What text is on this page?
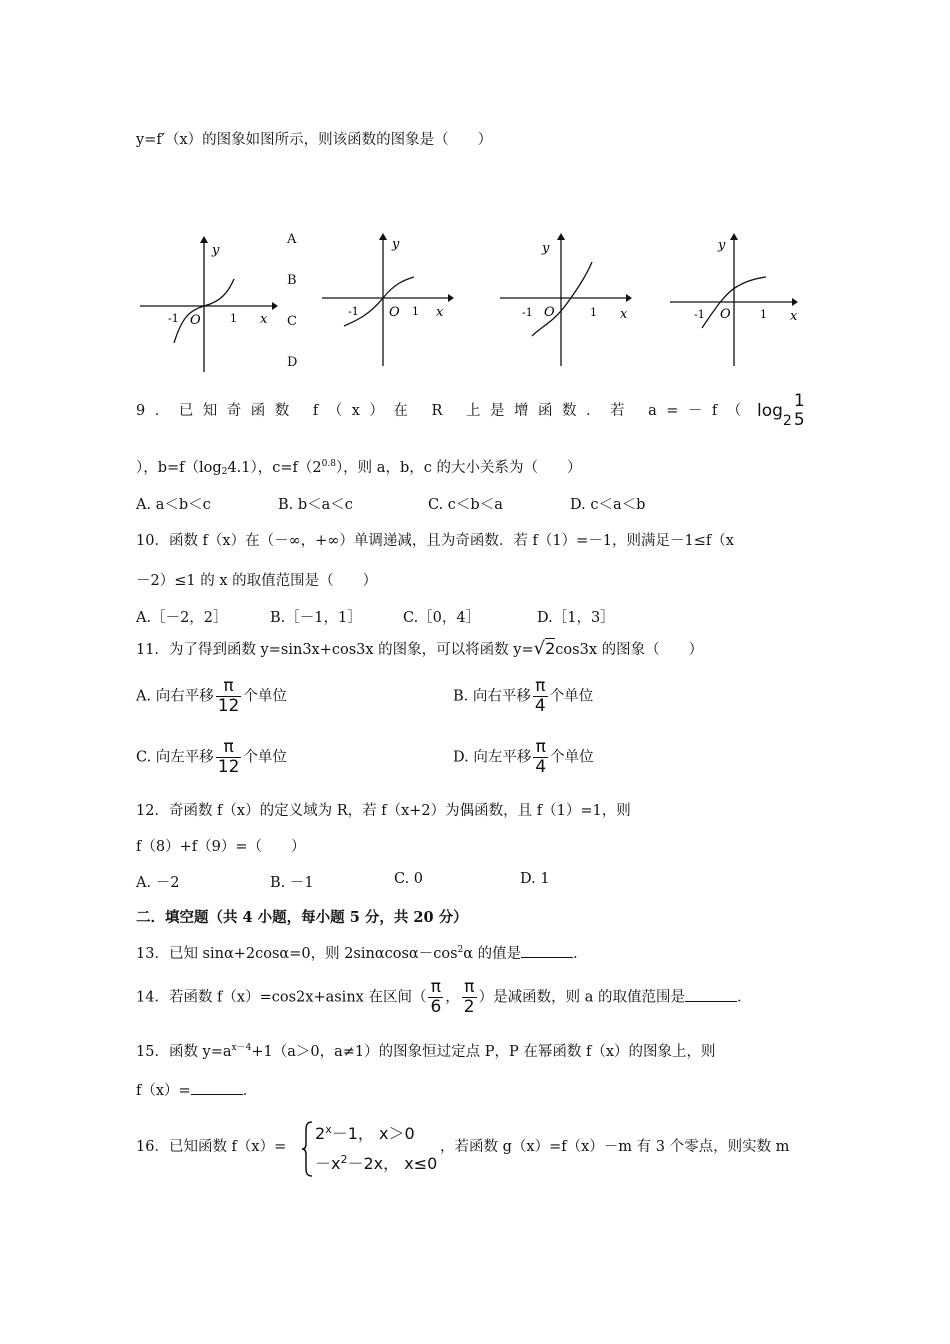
y=f′（x）的图象如图所示，则该函数的图象是（　　）
y
x
O
-1	1
y
x
O
-1	1
y
x
O
-1	1
y
x
O
-1	1
A
B
C
D
9．已知奇函数 f（x）在 R 上是增函数．若 a=－f（ $\log_2$
1
5
），$b=f(\log_24.1)$，$c=f(2^{0.8})$，则 a，b，c 的大小关系为（　　）
A. a＜b＜c	B. b＜a＜c	C. c＜b＜a	D. c＜a＜b
10．函数 f（x）在（－∞，+∞）单调递减，且为奇函数．若 f（1）=－1，则满足－1≤f（x
－2）≤1 的 x 的取值范围是（　　）
A.［－2，2］	B.［－1，1］	C.［0，4］	D.［1，3］
11．为了得到函数 y=sin3x+cos3x 的图象，可以将函数 y=√2cos3x 的图象（　　）
A. 向右平移 $\frac{\pi}{12}$ 个单位	B. 向右平移 $\frac{\pi}{4}$ 个单位
C. 向左平移 $\frac{\pi}{12}$ 个单位	D. 向左平移 $\frac{\pi}{4}$ 个单位
12．奇函数 f（x）的定义域为 R，若 f（x+2）为偶函数，且 f（1）=1，则
f（8）+f（9）=（　　）
A. －2	B. －1	C. 0	D. 1
二．填空题（共 4 小题，每小题 5 分，共 20 分）
13．已知 sinα+2cosα=0，则 $2\sin\alpha\cos\alpha-\cos^2\alpha$ 的值是	．
14．若函数 f（x）=cos2x+asinx 在区间（ $\frac{\pi}{6}$ ， $\frac{\pi}{2}$ ）是减函数，则 a 的取值范围是	．
15．函数 $y=a^{x-4}+1(a>0$，a≠1）的图象恒过定点 P，P 在幂函数 f（x）的图象上，则
f（x）=	．
16．已知函数 f（x）=
$2^x-1$， x＞0
$-x^2-2x$， x≤0
，若函数 g（x）=f（x）－m 有 3 个零点，则实数 m
